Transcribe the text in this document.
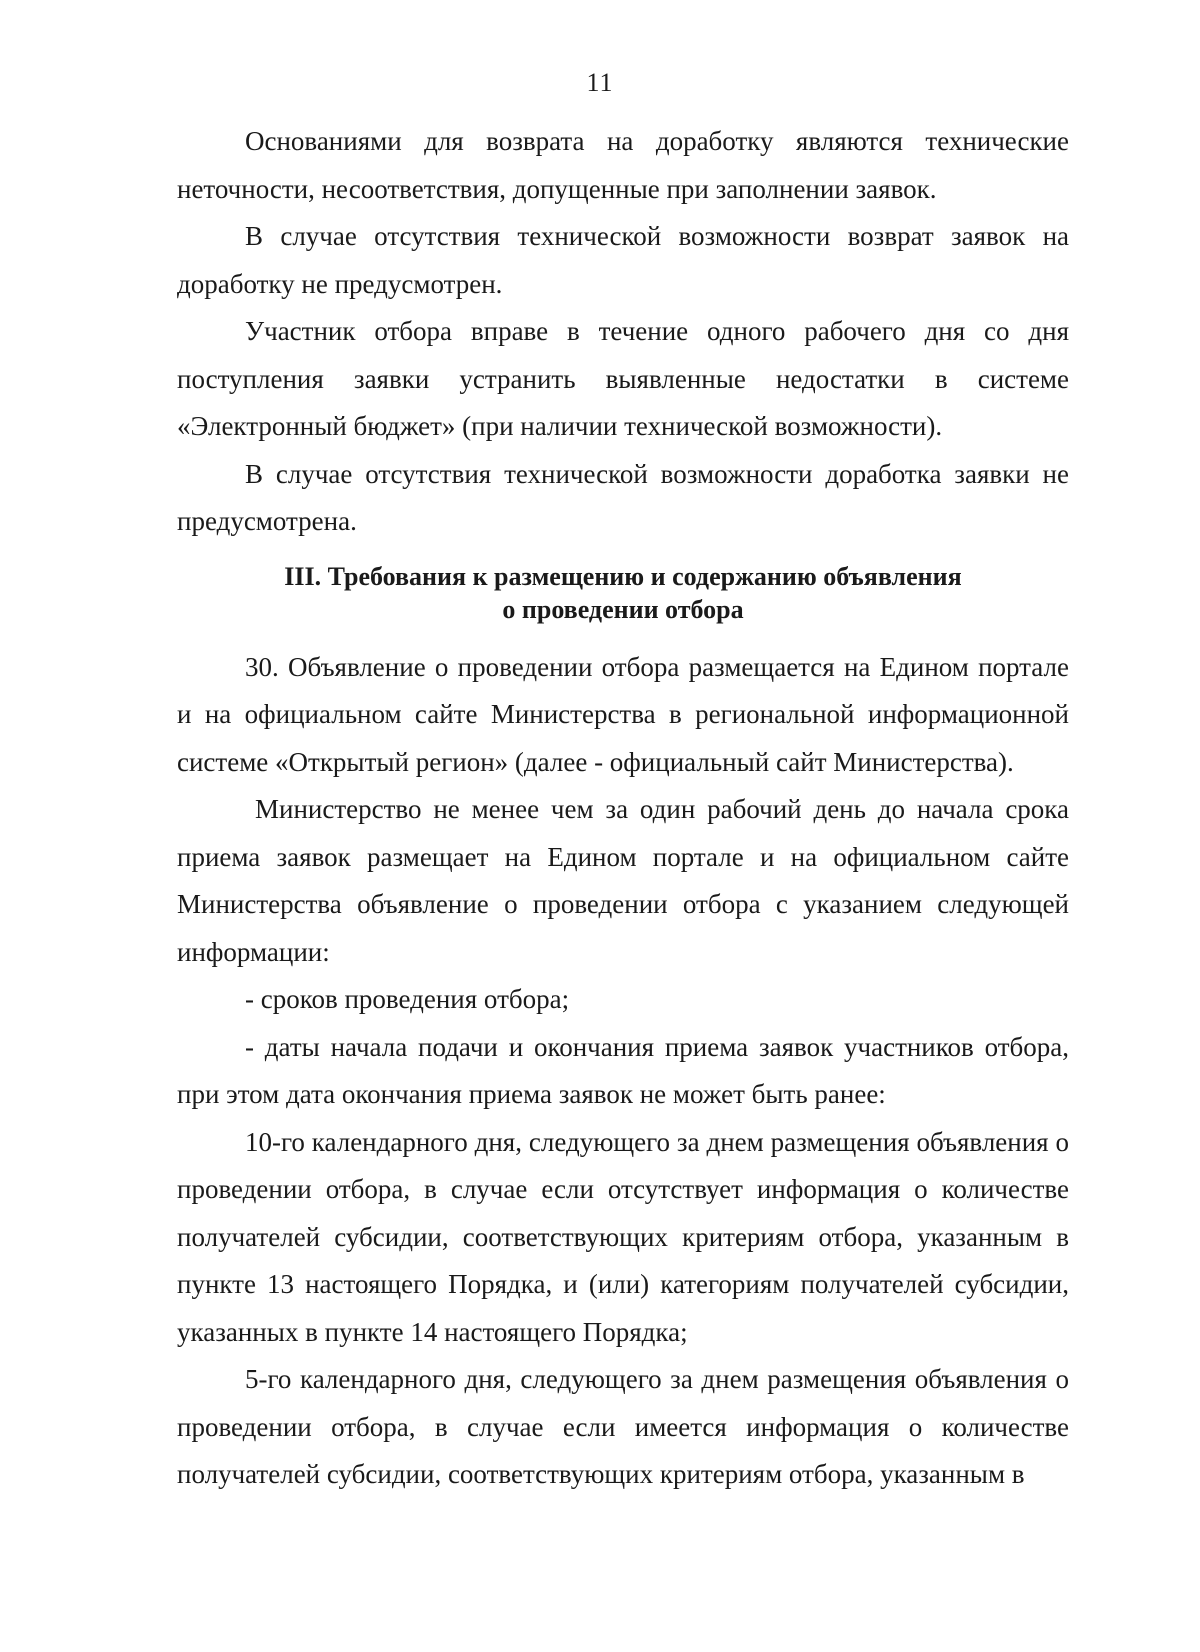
11

Основаниями для возврата на доработку являются технические неточности, несоответствия, допущенные при заполнении заявок.

В случае отсутствия технической возможности возврат заявок на доработку не предусмотрен.

Участник отбора вправе в течение одного рабочего дня со дня поступления заявки устранить выявленные недостатки в системе «Электронный бюджет» (при наличии технической возможности).

В случае отсутствия технической возможности доработка заявки не предусмотрена.

III. Требования к размещению и содержанию объявления
о проведении отбора

30. Объявление о проведении отбора размещается на Едином портале и на официальном сайте Министерства в региональной информационной системе «Открытый регион» (далее - официальный сайт Министерства).

Министерство не менее чем за один рабочий день до начала срока приема заявок размещает на Едином портале и на официальном сайте Министерства объявление о проведении отбора с указанием следующей информации:

- сроков проведения отбора;

- даты начала подачи и окончания приема заявок участников отбора, при этом дата окончания приема заявок не может быть ранее:

10-го календарного дня, следующего за днем размещения объявления о проведении отбора, в случае если отсутствует информация о количестве получателей субсидии, соответствующих критериям отбора, указанным в пункте 13 настоящего Порядка, и (или) категориям получателей субсидии, указанных в пункте 14 настоящего Порядка;

5-го календарного дня, следующего за днем размещения объявления о проведении отбора, в случае если имеется информация о количестве получателей субсидии, соответствующих критериям отбора, указанным в
